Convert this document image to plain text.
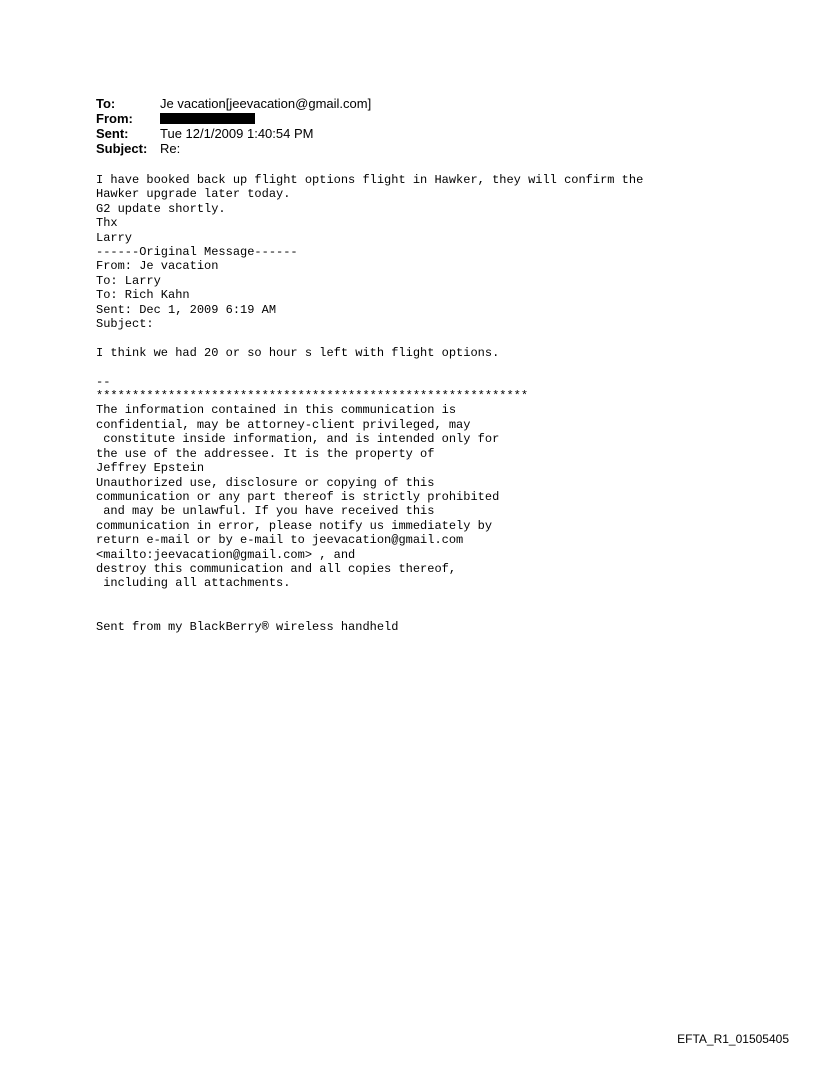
To:	Je vacation[jeevacation@gmail.com]
From:
Sent:	Tue 12/1/2009 1:40:54 PM
Subject: Re:
I have booked back up flight options flight in Hawker, they will confirm the
Hawker upgrade later today.
G2 update shortly.
Thx
Larry
------Original Message------
From: Je vacation
To: Larry
To: Rich Kahn
Sent: Dec 1, 2009 6:19 AM
Subject:
I think we had 20 or so hour s left with flight options.
--
************************************************************
The information contained in this communication is
confidential, may be attorney-client privileged, may
constitute inside information, and is intended only for
the use of the addressee. It is the property of
Jeffrey Epstein
Unauthorized use, disclosure or copying of this
communication or any part thereof is strictly prohibited
and may be unlawful. If you have received this
communication in error, please notify us immediately by
return e-mail or by e-mail to jeevacation@gmail.com
<mailto:jeevacation@gmail.com> , and
destroy this communication and all copies thereof,
including all attachments.
Sent from my BlackBerry® wireless handheld
EFTA_R1_01505405
